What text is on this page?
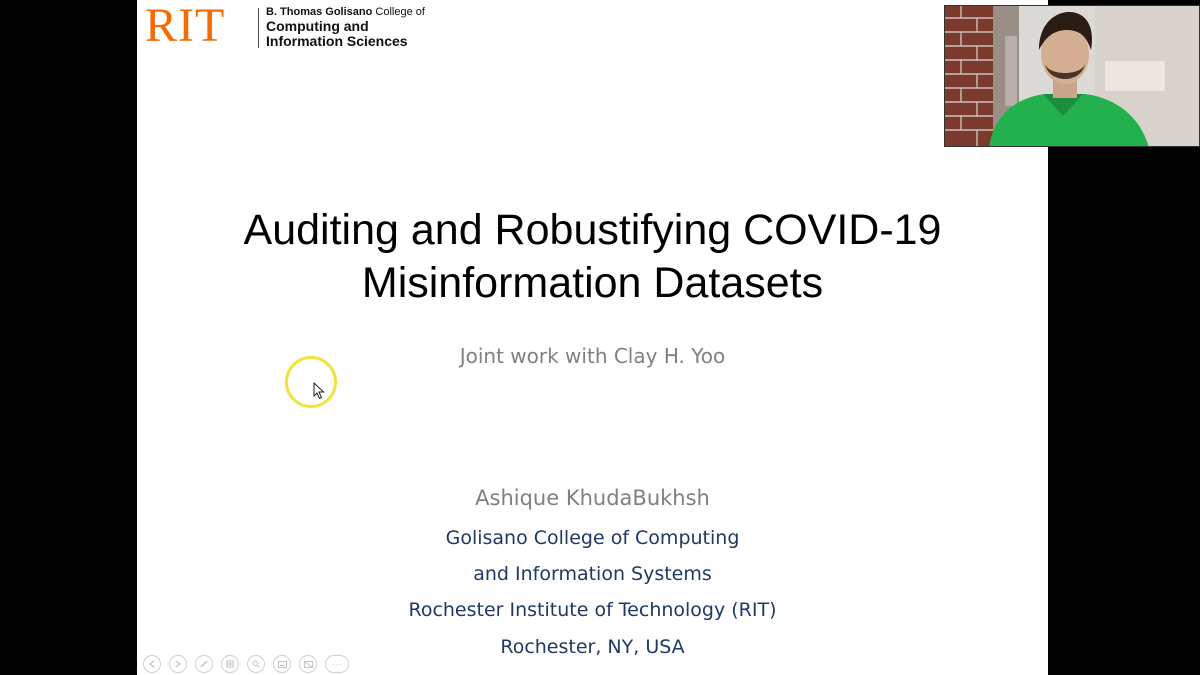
RIT	B. Thomas Golisano College of
Computing and
Information Sciences
Auditing and Robustifying COVID-19
Misinformation Datasets
Joint work with Clay H. Yoo
Ashique KhudaBukhsh
Golisano College of Computing
and Information Systems
Rochester Institute of Technology (RIT)
Rochester, NY, USA
···
